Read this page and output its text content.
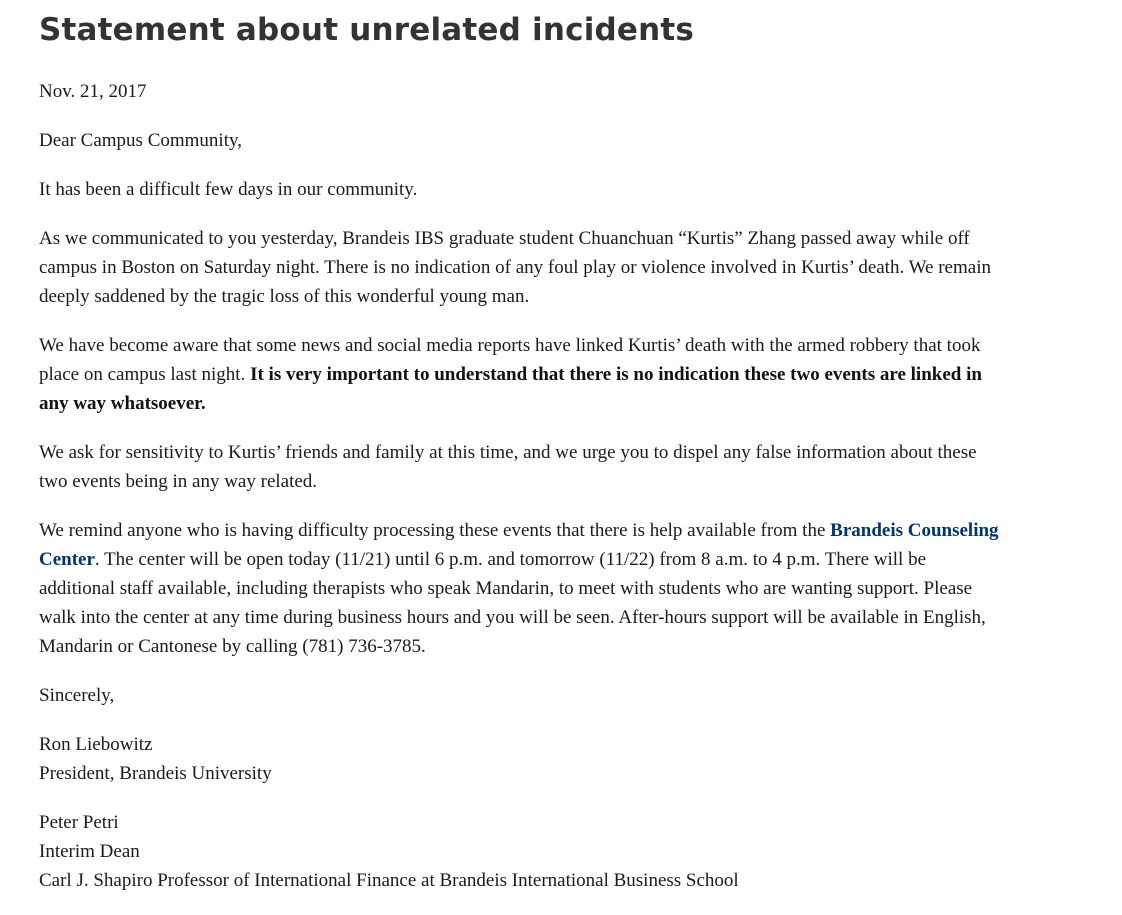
Statement about unrelated incidents

Nov. 21, 2017

Dear Campus Community,

It has been a difficult few days in our community.

As we communicated to you yesterday, Brandeis IBS graduate student Chuanchuan “Kurtis” Zhang passed away while off campus in Boston on Saturday night. There is no indication of any foul play or violence involved in Kurtis’ death. We remain deeply saddened by the tragic loss of this wonderful young man.

We have become aware that some news and social media reports have linked Kurtis’ death with the armed robbery that took place on campus last night. It is very important to understand that there is no indication these two events are linked in any way whatsoever.

We ask for sensitivity to Kurtis’ friends and family at this time, and we urge you to dispel any false information about these two events being in any way related.

We remind anyone who is having difficulty processing these events that there is help available from the Brandeis Counseling Center. The center will be open today (11/21) until 6 p.m. and tomorrow (11/22) from 8 a.m. to 4 p.m. There will be additional staff available, including therapists who speak Mandarin, to meet with students who are wanting support. Please walk into the center at any time during business hours and you will be seen. After-hours support will be available in English, Mandarin or Cantonese by calling (781) 736-3785.

Sincerely,

Ron Liebowitz
President, Brandeis University

Peter Petri
Interim Dean
Carl J. Shapiro Professor of International Finance at Brandeis International Business School
